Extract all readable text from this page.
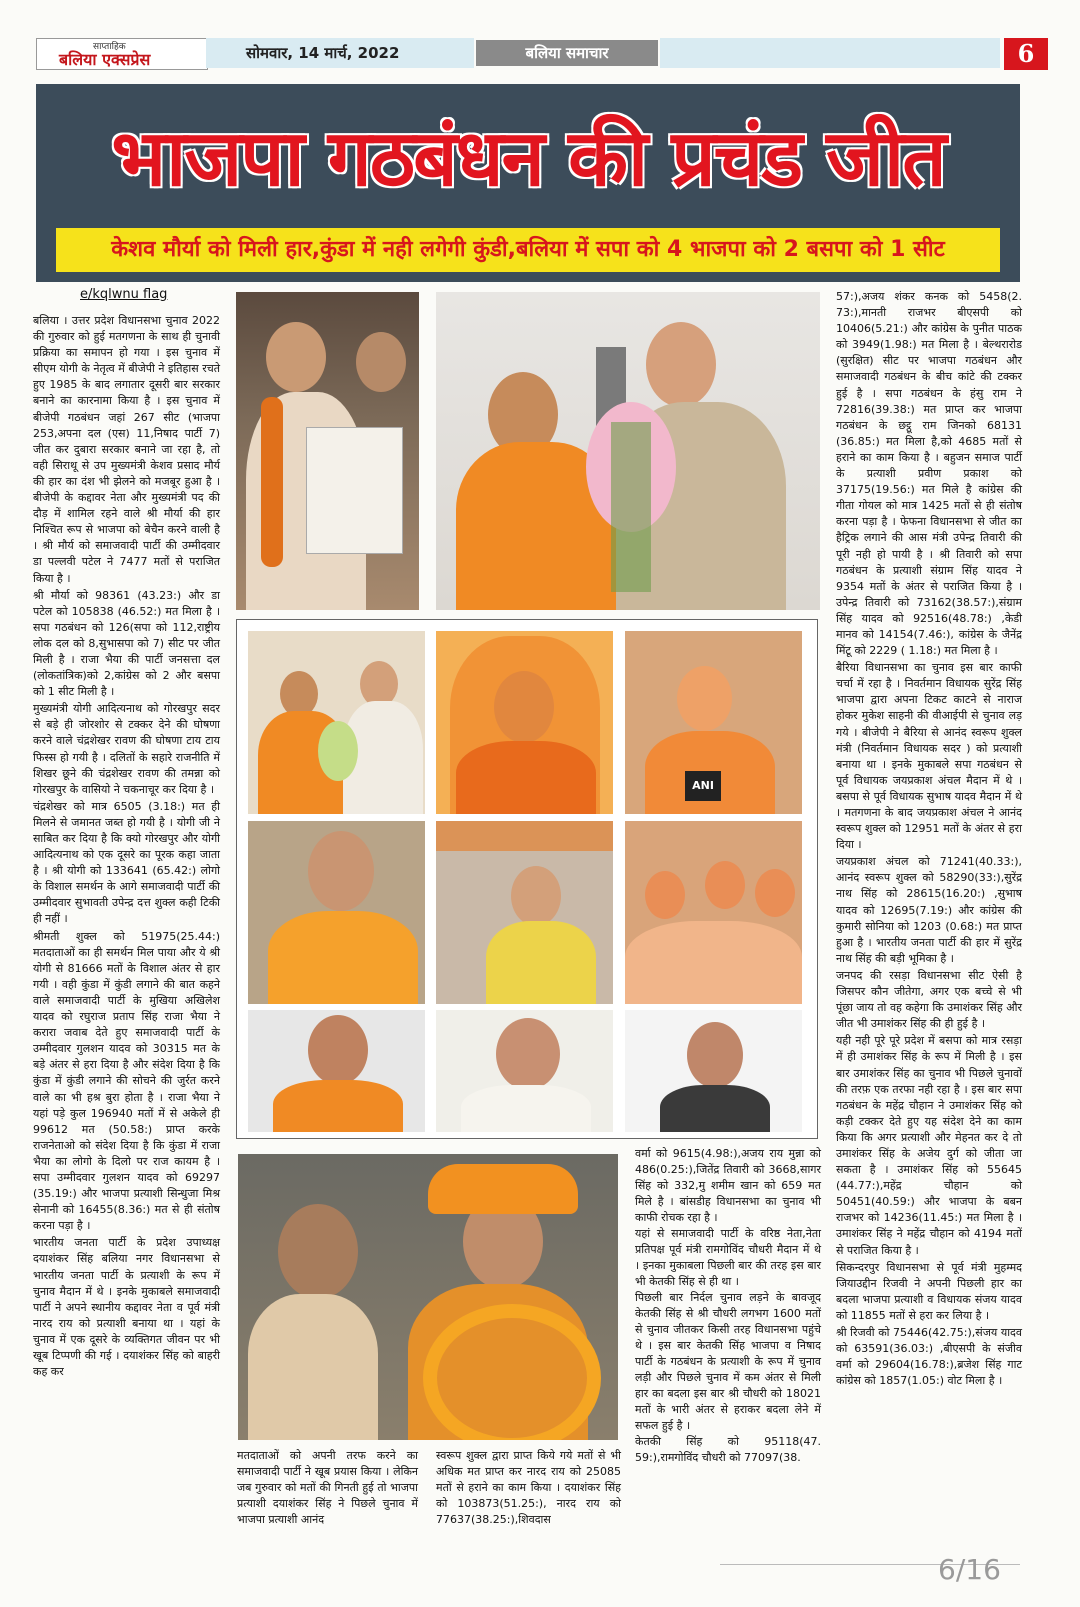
साप्ताहिक
बलिया एक्सप्रेस	सोमवार, 14 मार्च, 2022	बलिया समाचार	6
भाजपा गठबंधन की प्रचंड जीत
केशव मौर्या को मिली हार,कुंडा में नही लगेगी कुंडी,बलिया में सपा को 4 भाजपा को 2 बसपा को 1 सीट
e/kqlwnu flag

बलिया । उत्तर प्रदेश विधानसभा चुनाव 2022 की गुरुवार को हुई मतगणना के साथ ही चुनावी प्रक्रिया का समापन हो गया । इस चुनाव में सीएम योगी के नेतृत्व में बीजेपी ने इतिहास रचते हुए 1985 के बाद लगातार दूसरी बार सरकार बनाने का कारनामा किया है । इस चुनाव में बीजेपी गठबंधन जहां 267 सीट (भाजपा 253,अपना दल (एस) 11,निषाद पार्टी 7) जीत कर दुबारा सरकार बनाने जा रहा है, तो वही सिराथू से उप मुख्यमंत्री केशव प्रसाद मौर्य की हार का दंश भी झेलने को मजबूर हुआ है । बीजेपी के कद्दावर नेता और मुख्यमंत्री पद की दौड़ में शामिल रहने वाले श्री मौर्या की हार निश्चित रूप से भाजपा को बेचैन करने वाली है । श्री मौर्य को समाजवादी पार्टी की उम्मीदवार डा पल्लवी पटेल ने 7477 मतों से पराजित किया है ।

श्री मौर्या को 98361 (43.23:) और डा पटेल को 105838 (46.52:) मत मिला है । सपा गठबंधन को 126(सपा को 112,राष्ट्रीय लोक दल को 8,सुभासपा को 7) सीट पर जीत मिली है । राजा भैया की पार्टी जनसत्ता दल (लोकतांत्रिक)को 2,कांग्रेस को 2 और बसपा को 1 सीट मिली है ।

मुख्यमंत्री योगी आदित्यनाथ को गोरखपुर सदर से बड़े ही जोरशोर से टक्कर देने की घोषणा करने वाले चंद्रशेखर रावण की घोषणा टाय टाय फिस्स हो गयी है । दलितों के सहारे राजनीति में शिखर छूने की चंद्रशेखर रावण की तमन्ना को गोरखपुर के वासियो ने चकनाचूर कर दिया है ।

चंद्रशेखर को मात्र 6505 (3.18:) मत ही मिलने से जमानत जब्त हो गयी है । योगी जी ने साबित कर दिया है कि क्यो गोरखपुर और योगी आदित्यनाथ को एक दूसरे का पूरक कहा जाता है । श्री योगी को 133641 (65.42:) लोगो के विशाल समर्थन के आगे समाजवादी पार्टी की उम्मीदवार सुभावती उपेन्द्र दत्त शुक्ल कही टिकी ही नहीं ।

श्रीमती शुक्ल को 51975(25.44:) मतदाताओं का ही समर्थन मिल पाया और ये श्री योगी से 81666 मतों के विशाल अंतर से हार गयी । वही कुंडा में कुंडी लगाने की बात कहने वाले समाजवादी पार्टी के मुखिया अखिलेश यादव को रघुराज प्रताप सिंह राजा भैया ने करारा जवाब देते हुए समाजवादी पार्टी के उम्मीदवार गुलशन यादव को 30315 मत के बड़े अंतर से हरा दिया है और संदेश दिया है कि कुंडा में कुंडी लगाने की सोचने की जुर्रत करने वाले का भी हश्र बुरा होता है । राजा भैया ने यहां पड़े कुल 196940 मतों में से अकेले ही 99612 मत (50.58:) प्राप्त करके राजनेताओ को संदेश दिया है कि कुंडा में राजा भैया का लोगो के दिलो पर राज कायम है । सपा उम्मीदवार गुलशन यादव को 69297 (35.19:) और भाजपा प्रत्याशी सिन्धुजा मिश्र सेनानी को 16455(8.36:) मत से ही संतोष करना पड़ा है ।

भारतीय जनता पार्टी के प्रदेश उपाध्यक्ष दयाशंकर सिंह बलिया नगर विधानसभा से भारतीय जनता पार्टी के प्रत्याशी के रूप में चुनाव मैदान में थे । इनके मुकाबले समाजवादी पार्टी ने अपने स्थानीय कद्दावर नेता व पूर्व मंत्री नारद राय को प्रत्याशी बनाया था । यहां के चुनाव में एक दूसरे के व्यक्तिगत जीवन पर भी खूब टिप्पणी की गई । दयाशंकर सिंह को बाहरी कह कर

ANI
मतदाताओं को अपनी तरफ करने का समाजवादी पार्टी ने खूब प्रयास किया । लेकिन जब गुरुवार को मतों की गिनती हुई तो भाजपा प्रत्याशी दयाशंकर सिंह ने पिछले चुनाव में भाजपा प्रत्याशी आनंद
स्वरूप शुक्ल द्वारा प्राप्त किये गये मतों से भी अधिक मत प्राप्त कर नारद राय को 25085 मतों से हराने का काम किया । दयाशंकर सिंह को 103873(51.25:), नारद राय को 77637(38.25:),शिवदास

वर्मा को 9615(4.98:),अजय राय मुन्ना को 486(0.25:),जितेंद्र तिवारी को 3668,सागर सिंह को 332,मु शमीम खान को 659 मत मिले है । बांसडीह विधानसभा का चुनाव भी काफी रोचक रहा है ।

यहां से समाजवादी पार्टी के वरिष्ठ नेता,नेता प्रतिपक्ष पूर्व मंत्री रामगोविंद चौधरी मैदान में थे । इनका मुकाबला पिछली बार की तरह इस बार भी केतकी सिंह से ही था ।

पिछली बार निर्दल चुनाव लड़ने के बावजूद केतकी सिंह से श्री चौधरी लगभग 1600 मतों से चुनाव जीतकर किसी तरह विधानसभा पहुंचे थे । इस बार केतकी सिंह भाजपा व निषाद पार्टी के गठबंधन के प्रत्याशी के रूप में चुनाव लड़ी और पिछले चुनाव में कम अंतर से मिली हार का बदला इस बार श्री चौधरी को 18021 मतों के भारी अंतर से हराकर बदला लेने में सफल हुई है ।

केतकी सिंह को 95118(47. 59:),रामगोविंद चौधरी को 77097(38.

57:),अजय शंकर कनक को 5458(2. 73:),मानती राजभर बीएसपी को 10406(5.21:) और कांग्रेस के पुनीत पाठक को 3949(1.98:) मत मिला है । बेल्थरारोड (सुरक्षित) सीट पर भाजपा गठबंधन और समाजवादी गठबंधन के बीच कांटे की टक्कर हुई है । सपा गठबंधन के हंसु राम ने 72816(39.38:) मत प्राप्त कर भाजपा गठबंधन के छट्ठू राम जिनको 68131 (36.85:) मत मिला है,को 4685 मतों से हराने का काम किया है । बहुजन समाज पार्टी के प्रत्याशी प्रवीण प्रकाश को 37175(19.56:) मत मिले है कांग्रेस की गीता गोयल को मात्र 1425 मतों से ही संतोष करना पड़ा है । फेफना विधानसभा से जीत का हैट्रिक लगाने की आस मंत्री उपेन्द्र तिवारी की पूरी नही हो पायी है । श्री तिवारी को सपा गठबंधन के प्रत्याशी संग्राम सिंह यादव ने 9354 मतों के अंतर से पराजित किया है । उपेन्द्र तिवारी को 73162(38.57:),संग्राम सिंह यादव को 92516(48.78:) ,केडी मानव को 14154(7.46:), कांग्रेस के जैनेंद्र मिंटू को 2229 ( 1.18:) मत मिला है ।

बैरिया विधानसभा का चुनाव इस बार काफी चर्चा में रहा है । निवर्तमान विधायक सुरेंद्र सिंह भाजपा द्वारा अपना टिकट काटने से नाराज होकर मुकेश साहनी की वीआईपी से चुनाव लड़ गये । बीजेपी ने बैरिया से आनंद स्वरूप शुक्ल मंत्री (निवर्तमान विधायक सदर ) को प्रत्याशी बनाया था । इनके मुकाबले सपा गठबंधन से पूर्व विधायक जयप्रकाश अंचल मैदान में थे । बसपा से पूर्व विधायक सुभाष यादव मैदान में थे । मतगणना के बाद जयप्रकाश अंचल ने आनंद स्वरूप शुक्ल को 12951 मतों के अंतर से हरा दिया ।

जयप्रकाश अंचल को 71241(40.33:), आनंद स्वरूप शुक्ल को 58290(33:),सुरेंद्र नाथ सिंह को 28615(16.20:) ,सुभाष यादव को 12695(7.19:) और कांग्रेस की कुमारी सोनिया को 1203 (0.68:) मत प्राप्त हुआ है । भारतीय जनता पार्टी की हार में सुरेंद्र नाथ सिंह की बड़ी भूमिका है ।

जनपद की रसड़ा विधानसभा सीट ऐसी है जिसपर कौन जीतेगा, अगर एक बच्चे से भी पूंछा जाय तो वह कहेगा कि उमाशंकर सिंह और जीत भी उमाशंकर सिंह की ही हुई है ।

यही नही पूरे पूरे प्रदेश में बसपा को मात्र रसड़ा में ही उमाशंकर सिंह के रूप में मिली है । इस बार उमाशंकर सिंह का चुनाव भी पिछले चुनावों की तरफ़ एक तरफा नही रहा है । इस बार सपा गठबंधन के महेंद्र चौहान ने उमाशंकर सिंह को कड़ी टक्कर देते हुए यह संदेश देने का काम किया कि अगर प्रत्याशी और मेहनत कर दे तो उमाशंकर सिंह के अजेय दुर्ग को जीता जा सकता है । उमाशंकर सिंह को 55645 (44.77:),महेंद्र चौहान को 50451(40.59:) और भाजपा के बबन राजभर को 14236(11.45:) मत मिला है । उमाशंकर सिंह ने महेंद्र चौहान को 4194 मतों से पराजित किया है ।

सिकन्दरपुर विधानसभा से पूर्व मंत्री मुहम्मद जियाउद्दीन रिजवी ने अपनी पिछली हार का बदला भाजपा प्रत्याशी व विधायक संजय यादव को 11855 मतों से हरा कर लिया है ।

श्री रिजवी को 75446(42.75:),संजय यादव को 63591(36.03:) ,बीएसपी के संजीव वर्मा को 29604(16.78:),ब्रजेश सिंह गाट कांग्रेस को 1857(1.05:) वोट मिला है ।

6/16
